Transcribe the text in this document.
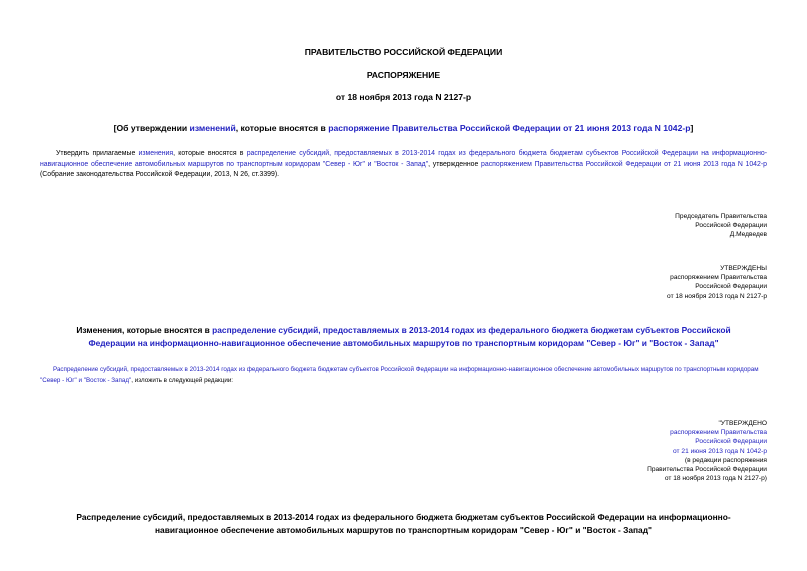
ПРАВИТЕЛЬСТВО РОССИЙСКОЙ ФЕДЕРАЦИИ
РАСПОРЯЖЕНИЕ
от 18 ноября 2013 года N 2127-р
[Об утверждении изменений, которые вносятся в распоряжение Правительства Российской Федерации от 21 июня 2013 года N 1042-р]
Утвердить прилагаемые изменения, которые вносятся в распределение субсидий, предоставляемых в 2013-2014 годах из федерального бюджета бюджетам субъектов Российской Федерации на информационно-навигационное обеспечение автомобильных маршрутов по транспортным коридорам "Север - Юг" и "Восток - Запад", утвержденное распоряжением Правительства Российской Федерации от 21 июня 2013 года N 1042-р (Собрание законодательства Российской Федерации, 2013, N 26, ст.3399).
Председатель Правительства
Российской Федерации
Д.Медведев
УТВЕРЖДЕНЫ
распоряжением Правительства
Российской Федерации
от 18 ноября 2013 года N 2127-р
Изменения, которые вносятся в распределение субсидий, предоставляемых в 2013-2014 годах из федерального бюджета бюджетам субъектов Российской Федерации на информационно-навигационное обеспечение автомобильных маршрутов по транспортным коридорам "Север - Юг" и "Восток - Запад"
Распределение субсидий, предоставляемых в 2013-2014 годах из федерального бюджета бюджетам субъектов Российской Федерации на информационно-навигационное обеспечение автомобильных маршрутов по транспортным коридорам "Север - Юг" и "Восток - Запад", изложить в следующей редакции:
"УТВЕРЖДЕНО
распоряжением Правительства
Российской Федерации
от 21 июня 2013 года N 1042-р
(в редакции распоряжения
Правительства Российской Федерации
от 18 ноября 2013 года N 2127-р)
Распределение субсидий, предоставляемых в 2013-2014 годах из федерального бюджета бюджетам субъектов Российской Федерации на информационно-навигационное обеспечение автомобильных маршрутов по транспортным коридорам "Север - Юг" и "Восток - Запад"
